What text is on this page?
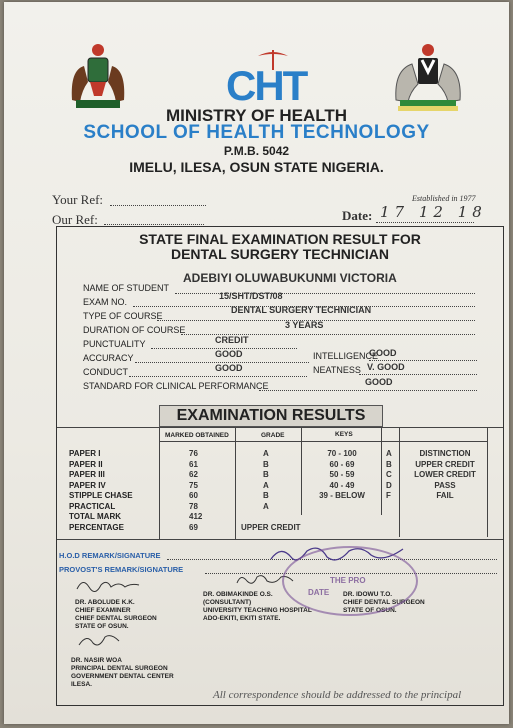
CHT
MINISTRY OF HEALTH
SCHOOL OF HEALTH TECHNOLOGY
P.M.B. 5042
IMELU, ILESA, OSUN STATE NIGERIA.
Your Ref:
Our Ref:
Established in 1977
Date: 17 12 18
STATE FINAL EXAMINATION RESULT FOR
DENTAL SURGERY TECHNICIAN
NAME OF STUDENT
ADEBIYI OLUWABUKUNMI VICTORIA
EXAM NO.
15/SHT/DST/08
TYPE OF COURSE
DENTAL SURGERY TECHNICIAN
DURATION OF COURSE	3 YEARS
PUNCTUALITY	CREDIT
ACCURACY	GOOD	INTELLIGENCE
GOOD
CONDUCT	GOOD	NEATNESS V. GOOD
STANDARD FOR CLINICAL PERFORMANCE	GOOD
EXAMINATION RESULTS
MARKED OBTAINED	GRADE	KEYS
PAPER I	76	A
PAPER II	61	B
PAPER III	62	B
PAPER IV	75	A
STIPPLE CHASE	60	B
PRACTICAL	78	A
TOTAL MARK	412
PERCENTAGE	69	UPPER CREDIT
70 - 100	A	DISTINCTION
60 - 69	B	UPPER CREDIT
50 - 59	C	LOWER CREDIT
40 - 49	D	PASS
39 - BELOW	F	FAIL
H.O.D REMARK/SIGNATURE
PROVOST'S REMARK/SIGNATURE
DR. ABOLUDE K.K.
CHIEF EXAMINER
CHIEF DENTAL SURGEON
STATE OF OSUN.
DR. OBIMAKINDE O.S.
(CONSULTANT)
UNIVERSITY TEACHING HOSPITAL
ADO-EKITI, EKITI STATE.
DR. IDOWU T.O.
CHIEF DENTAL SURGEON
STATE OF OSUN.
DR. NASIR WOA
PRINCIPAL DENTAL SURGEON
GOVERNMENT DENTAL CENTER
ILESA.
All correspondence should be addressed to the principal
THE PRO
DATE
